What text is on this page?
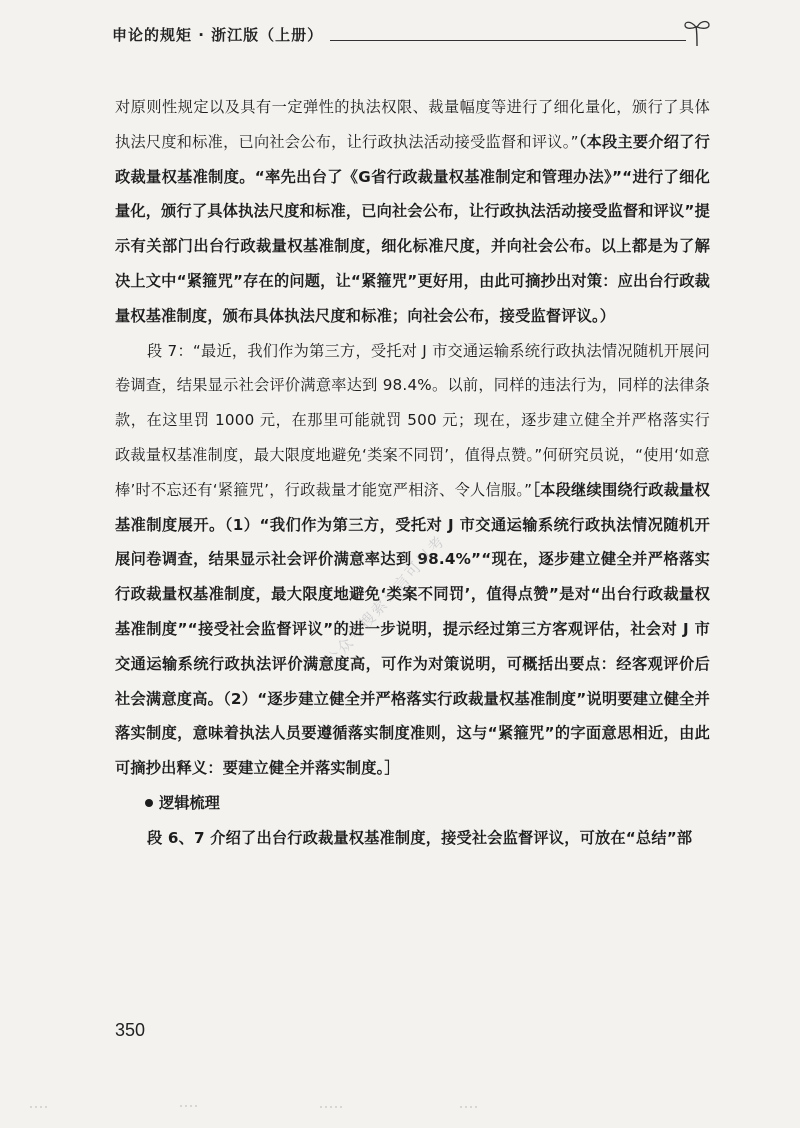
申论的规矩 · 浙江版（上册）

对原则性规定以及具有一定弹性的执法权限、裁量幅度等进行了细化量化，颁行了具体执法尺度和标准，已向社会公布，让行政执法活动接受监督和评议。”（本段主要介绍了行政裁量权基准制度。“率先出台了《G省行政裁量权基准制定和管理办法》”“进行了细化量化，颁行了具体执法尺度和标准，已向社会公布，让行政执法活动接受监督和评议”提示有关部门出台行政裁量权基准制度，细化标准尺度，并向社会公布。以上都是为了解决上文中“紧箍咒”存在的问题，让“紧箍咒”更好用，由此可摘抄出对策：应出台行政裁量权基准制度，颁布具体执法尺度和标准；向社会公布，接受监督评议。）

段 7：“最近，我们作为第三方，受托对 J 市交通运输系统行政执法情况随机开展问卷调查，结果显示社会评价满意率达到 98.4%。以前，同样的违法行为，同样的法律条款，在这里罚 1000 元，在那里可能就罚 500 元；现在，逐步建立健全并严格落实行政裁量权基准制度，最大限度地避免‘类案不同罚’，值得点赞。”何研究员说，“使用‘如意棒’时不忘还有‘紧箍咒’，行政裁量才能宽严相济、令人信服。”［本段继续围绕行政裁量权基准制度展开。（1）“我们作为第三方，受托对 J 市交通运输系统行政执法情况随机开展问卷调查，结果显示社会评价满意率达到 98.4%”“现在，逐步建立健全并严格落实行政裁量权基准制度，最大限度地避免‘类案不同罚’，值得点赞”是对“出台行政裁量权基准制度”“接受社会监督评议”的进一步说明，提示经过第三方客观评估，社会对 J 市交通运输系统行政执法评价满意度高，可作为对策说明，可概括出要点：经客观评价后社会满意度高。（2）“逐步建立健全并严格落实行政裁量权基准制度”说明要建立健全并落实制度，意味着执法人员要遵循落实制度准则，这与“紧箍咒”的字面意思相近，由此可摘抄出释义：要建立健全并落实制度。］

逻辑梳理

段 6、7 介绍了出台行政裁量权基准制度，接受社会监督评议，可放在“总结”部

公众号搜索：言可以考
350
